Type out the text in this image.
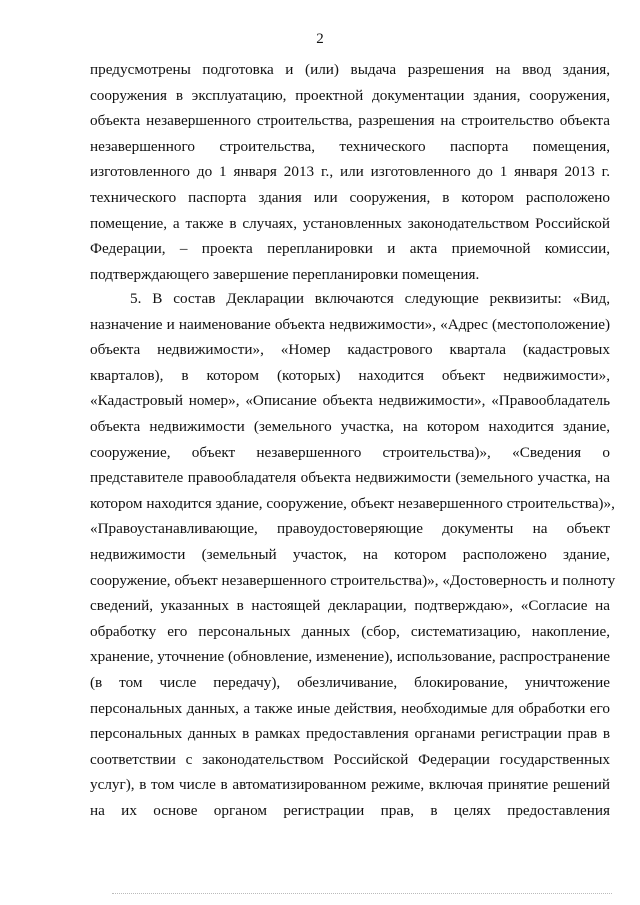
2
предусмотрены подготовка и (или) выдача разрешения на ввод здания,
сооружения в эксплуатацию, проектной документации здания, сооружения,
объекта незавершенного строительства, разрешения на строительство объекта
незавершенного строительства, технического паспорта помещения,
изготовленного до 1 января 2013 г., или изготовленного до 1 января 2013 г.
технического паспорта здания или сооружения, в котором расположено
помещение, а также в случаях, установленных законодательством Российской
Федерации, – проекта перепланировки и акта приемочной комиссии,
подтверждающего завершение перепланировки помещения.
5. В состав Декларации включаются следующие реквизиты: «Вид,
назначение и наименование объекта недвижимости», «Адрес (местоположение)
объекта недвижимости», «Номер кадастрового квартала (кадастровых
кварталов), в котором (которых) находится объект недвижимости»,
«Кадастровый номер», «Описание объекта недвижимости», «Правообладатель
объекта недвижимости (земельного участка, на котором находится здание,
сооружение, объект незавершенного строительства)», «Сведения о
представителе правообладателя объекта недвижимости (земельного участка, на
котором находится здание, сооружение, объект незавершенного строительства)»,
«Правоустанавливающие, правоудостоверяющие документы на объект
недвижимости (земельный участок, на котором расположено здание,
сооружение, объект незавершенного строительства)», «Достоверность и полноту
сведений, указанных в настоящей декларации, подтверждаю», «Согласие на
обработку его персональных данных (сбор, систематизацию, накопление,
хранение, уточнение (обновление, изменение), использование, распространение
(в том числе передачу), обезличивание, блокирование, уничтожение
персональных данных, а также иные действия, необходимые для обработки его
персональных данных в рамках предоставления органами регистрации прав в
соответствии с законодательством Российской Федерации государственных
услуг), в том числе в автоматизированном режиме, включая принятие решений
на их основе органом регистрации прав, в целях предоставления
